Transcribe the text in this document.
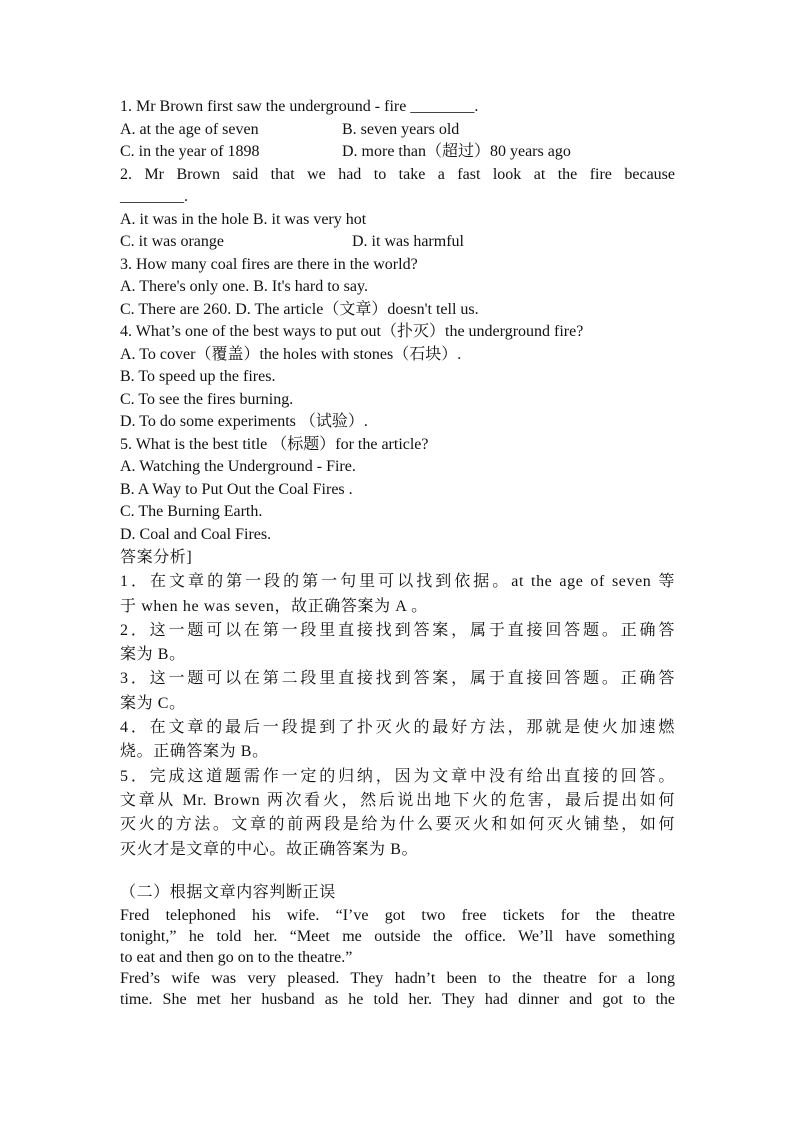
1. Mr Brown first saw the underground - fire ________.
A. at the age of seven	B. seven years old
C. in the year of 1898	D. more than（超过）80 years ago
2. Mr Brown said that we had to take a fast look at the fire because
________.
A. it was in the hole B. it was very hot
C. it was orange	D. it was harmful
3. How many coal fires are there in the world?
A. There's only one. B. It's hard to say.
C. There are 260. D. The article（文章）doesn't tell us.
4. What’s one of the best ways to put out（扑灭）the underground fire?
A. To cover（覆盖）the holes with stones（石块）.
B. To speed up the fires.
C. To see the fires burning.
D. To do some experiments （试验）.
5. What is the best title （标题）for the article?
A. Watching the Underground - Fire.
B. A Way to Put Out the Coal Fires .
C. The Burning Earth.
D. Coal and Coal Fires.
答案分析]
1．在文章的第一段的第一句里可以找到依据。at the age of seven 等
于 when he was seven，故正确答案为 A 。
2．这一题可以在第一段里直接找到答案，属于直接回答题。正确答
案为 B。
3．这一题可以在第二段里直接找到答案，属于直接回答题。正确答
案为 C。
4．在文章的最后一段提到了扑灭火的最好方法，那就是使火加速燃
烧。正确答案为 B。
5．完成这道题需作一定的归纳，因为文章中没有给出直接的回答。
文章从 Mr. Brown 两次看火，然后说出地下火的危害，最后提出如何
灭火的方法。文章的前两段是给为什么要灭火和如何灭火铺垫，如何
灭火才是文章的中心。故正确答案为 B。
（二）根据文章内容判断正误
Fred telephoned his wife. “I’ve got two free tickets for the theatre
tonight,” he told her. “Meet me outside the office. We’ll have something
to eat and then go on to the theatre.”
Fred’s wife was very pleased. They hadn’t been to the theatre for a long
time. She met her husband as he told her. They had dinner and got to the
